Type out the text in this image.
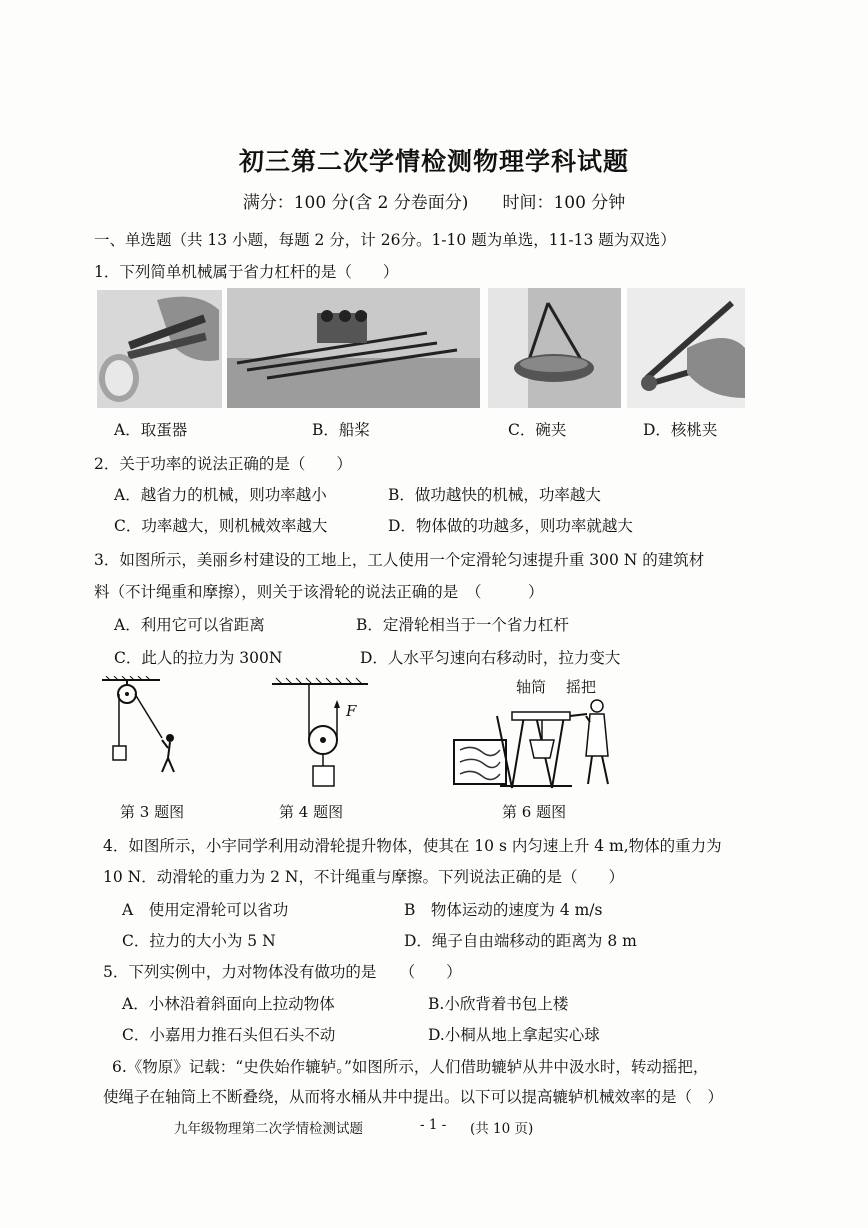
初三第二次学情检测物理学科试题
满分：100 分(含 2 分卷面分)　　时间：100 分钟
一、单选题（共 13 小题，每题 2 分，计 26分。1-10 题为单选，11-13 题为双选）
1．下列简单机械属于省力杠杆的是（　　）
A．取蛋器	B．船桨	C．碗夹	D．核桃夹
2．关于功率的说法正确的是（　　）
A．越省力的机械，则功率越小	B．做功越快的机械，功率越大
C．功率越大，则机械效率越大	D．物体做的功越多，则功率就越大
3．如图所示，美丽乡村建设的工地上，工人使用一个定滑轮匀速提升重 300 N 的建筑材
料（不计绳重和摩擦），则关于该滑轮的说法正确的是　（　　　）
A．利用它可以省距离	B．定滑轮相当于一个省力杠杆
C．此人的拉力为 300N	D．人水平匀速向右移动时，拉力变大
第 3 题图
F
第 4 题图
轴筒 摇把
第 6 题图
4．如图所示，小宇同学利用动滑轮提升物体，使其在 10 s 内匀速上升 4 m,物体的重力为
10 N．动滑轮的重力为 2 N，不计绳重与摩擦。下列说法正确的是（　　）
A　使用定滑轮可以省功	B　物体运动的速度为 4 m/s
C．拉力的大小为 5 N	D．绳子自由端移动的距离为 8 m
5．下列实例中，力对物体没有做功的是　　（　　）
A．小林沿着斜面向上拉动物体	B.小欣背着书包上楼
C．小嘉用力推石头但石头不动	D.小桐从地上拿起实心球
6.《物原》记载：“史佚始作辘轳。”如图所示，人们借助辘轳从井中汲水时，转动摇把，
使绳子在轴筒上不断叠绕，从而将水桶从井中提出。以下可以提高辘轳机械效率的是（　）
九年级物理第二次学情检测试题	- 1 - (共 10 页)
